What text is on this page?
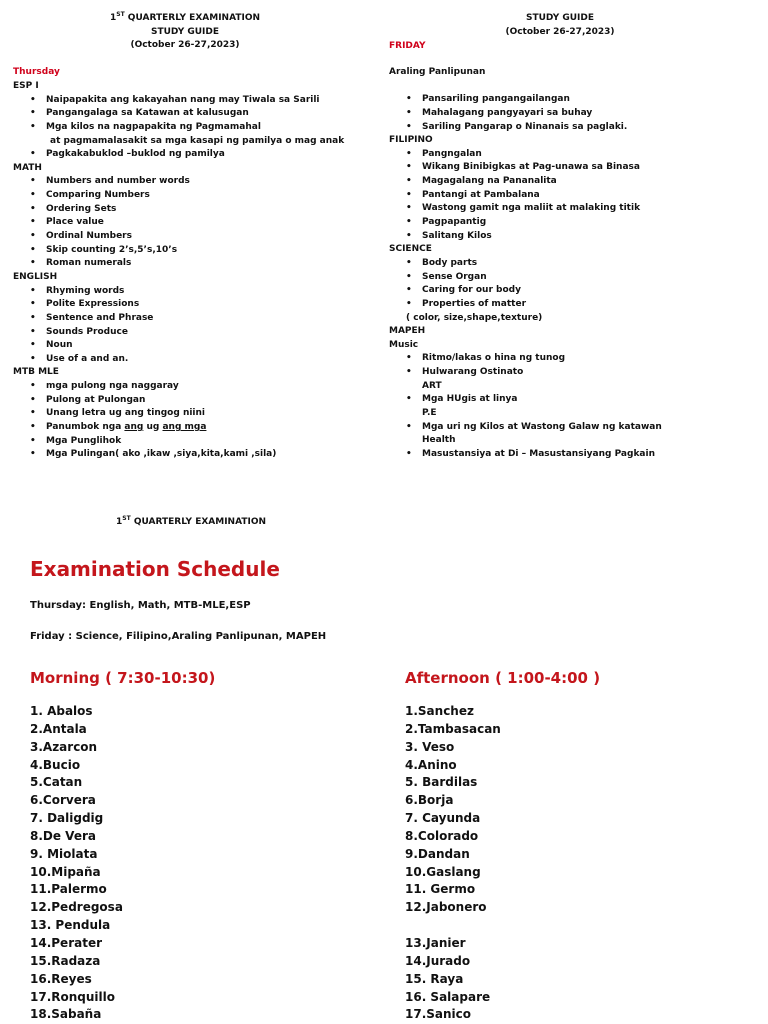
1ST QUARTERLY EXAMINATION
STUDY GUIDE
(October 26-27,2023)
STUDY GUIDE
(October 26-27,2023)
Thursday
FRIDAY
ESP I
• Naipapakita ang kakayahan nang may Tiwala sa Sarili
• Pangangalaga sa Katawan at kalusugan
• Mga kilos na nagpapakita ng Pagmamahal
at pagmamalasakit sa mga kasapi ng pamilya o mag anak
• Pagkakabuklod –buklod ng pamilya
MATH
• Numbers and number words
• Comparing Numbers
• Ordering Sets
• Place value
• Ordinal Numbers
• Skip counting 2’s,5’s,10’s
• Roman numerals
ENGLISH
• Rhyming words
• Polite Expressions
• Sentence and Phrase
• Sounds Produce
• Noun
• Use of a and an.
MTB MLE
• mga pulong nga naggaray
• Pulong at Pulongan
• Unang letra ug ang tingog niini
• Panumbok nga ang ug ang mga
• Mga Punglihok
• Mga Pulingan( ako ,ikaw ,siya,kita,kami ,sila)
Araling Panlipunan
• Pansariling pangangailangan
• Mahalagang pangyayari sa buhay
• Sariling Pangarap o Ninanais sa paglaki.
FILIPINO
• Pangngalan
• Wikang Binibigkas at Pag-unawa sa Binasa
• Magagalang na Pananalita
• Pantangi at Pambalana
• Wastong gamit nga maliit at malaking titik
• Pagpapantig
• Salitang Kilos
SCIENCE
• Body parts
• Sense Organ
• Caring for our body
• Properties of matter
( color, size,shape,texture)
MAPEH
Music
• Ritmo/lakas o hina ng tunog
• Hulwarang Ostinato
ART
• Mga HUgis at linya
P.E
• Mga uri ng Kilos at Wastong Galaw ng katawan
Health
• Masustansiya at Di – Masustansiyang Pagkain
1ST QUARTERLY EXAMINATION
Examination Schedule
Thursday: English, Math, MTB-MLE,ESP
Friday : Science, Filipino,Araling Panlipunan, MAPEH
Morning ( 7:30-10:30)	Afternoon ( 1:00-4:00 )
1. Abalos
2.Antala
3.Azarcon
4.Bucio
5.Catan
6.Corvera
7. Daligdig
8.De Vera
9. Miolata
10.Mipaña
11.Palermo
12.Pedregosa
13. Pendula
14.Perater
15.Radaza
16.Reyes
17.Ronquillo
18.Sabaña
1.Sanchez
2.Tambasacan
3. Veso
4.Anino
5. Bardilas
6.Borja
7. Cayunda
8.Colorado
9.Dandan
10.Gaslang
11. Germo
12.Jabonero
13.Janier
14.Jurado
15. Raya
16. Salapare
17.Sanico
